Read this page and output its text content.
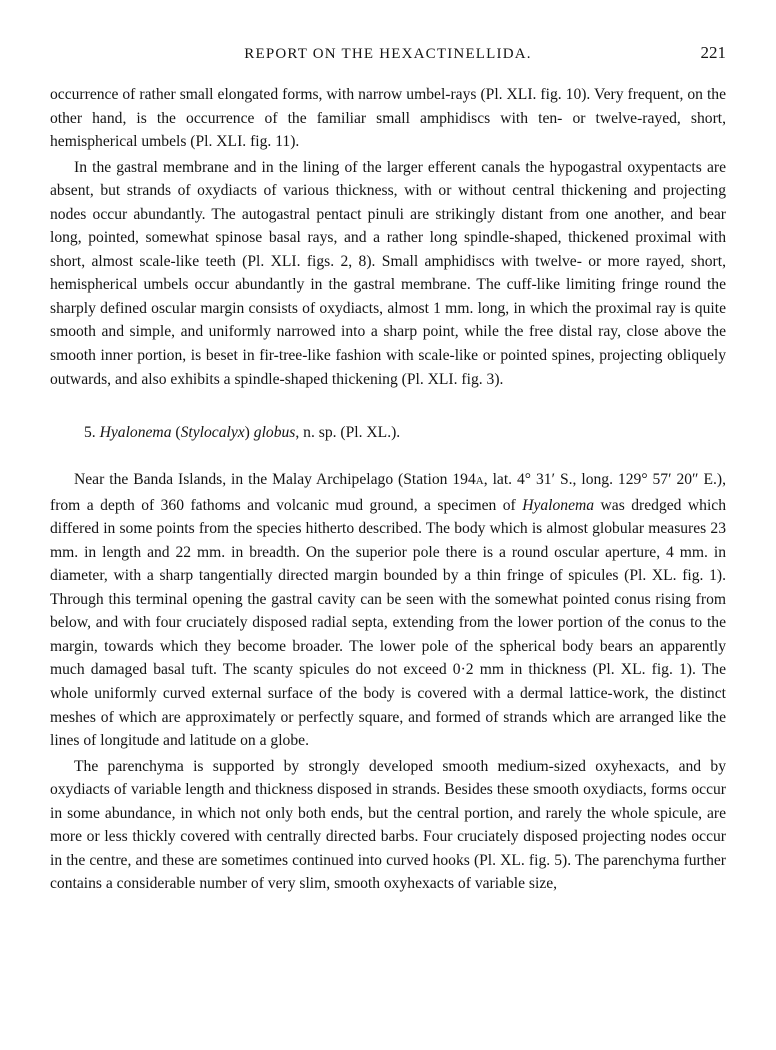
REPORT ON THE HEXACTINELLIDA.	221

occurrence of rather small elongated forms, with narrow umbel-rays (Pl. XLI. fig. 10). Very frequent, on the other hand, is the occurrence of the familiar small amphidiscs with ten- or twelve-rayed, short, hemispherical umbels (Pl. XLI. fig. 11).

In the gastral membrane and in the lining of the larger efferent canals the hypogastral oxypentacts are absent, but strands of oxydiacts of various thickness, with or without central thickening and projecting nodes occur abundantly. The autogastral pentact pinuli are strikingly distant from one another, and bear long, pointed, somewhat spinose basal rays, and a rather long spindle-shaped, thickened proximal with short, almost scale-like teeth (Pl. XLI. figs. 2, 8). Small amphidiscs with twelve- or more rayed, short, hemispherical umbels occur abundantly in the gastral membrane. The cuff-like limiting fringe round the sharply defined oscular margin consists of oxydiacts, almost 1 mm. long, in which the proximal ray is quite smooth and simple, and uniformly narrowed into a sharp point, while the free distal ray, close above the smooth inner portion, is beset in fir-tree-like fashion with scale-like or pointed spines, projecting obliquely outwards, and also exhibits a spindle-shaped thickening (Pl. XLI. fig. 3).

5. Hyalonema (Stylocalyx) globus, n. sp. (Pl. XL.).

Near the Banda Islands, in the Malay Archipelago (Station 194A, lat. 4° 31′ S., long. 129° 57′ 20″ E.), from a depth of 360 fathoms and volcanic mud ground, a specimen of Hyalonema was dredged which differed in some points from the species hitherto described. The body which is almost globular measures 23 mm. in length and 22 mm. in breadth. On the superior pole there is a round oscular aperture, 4 mm. in diameter, with a sharp tangentially directed margin bounded by a thin fringe of spicules (Pl. XL. fig. 1). Through this terminal opening the gastral cavity can be seen with the somewhat pointed conus rising from below, and with four cruciately disposed radial septa, extending from the lower portion of the conus to the margin, towards which they become broader. The lower pole of the spherical body bears an apparently much damaged basal tuft. The scanty spicules do not exceed 0·2 mm in thickness (Pl. XL. fig. 1). The whole uniformly curved external surface of the body is covered with a dermal lattice-work, the distinct meshes of which are approximately or perfectly square, and formed of strands which are arranged like the lines of longitude and latitude on a globe.

The parenchyma is supported by strongly developed smooth medium-sized oxyhexacts, and by oxydiacts of variable length and thickness disposed in strands. Besides these smooth oxydiacts, forms occur in some abundance, in which not only both ends, but the central portion, and rarely the whole spicule, are more or less thickly covered with centrally directed barbs. Four cruciately disposed projecting nodes occur in the centre, and these are sometimes continued into curved hooks (Pl. XL. fig. 5). The parenchyma further contains a considerable number of very slim, smooth oxyhexacts of variable size,
